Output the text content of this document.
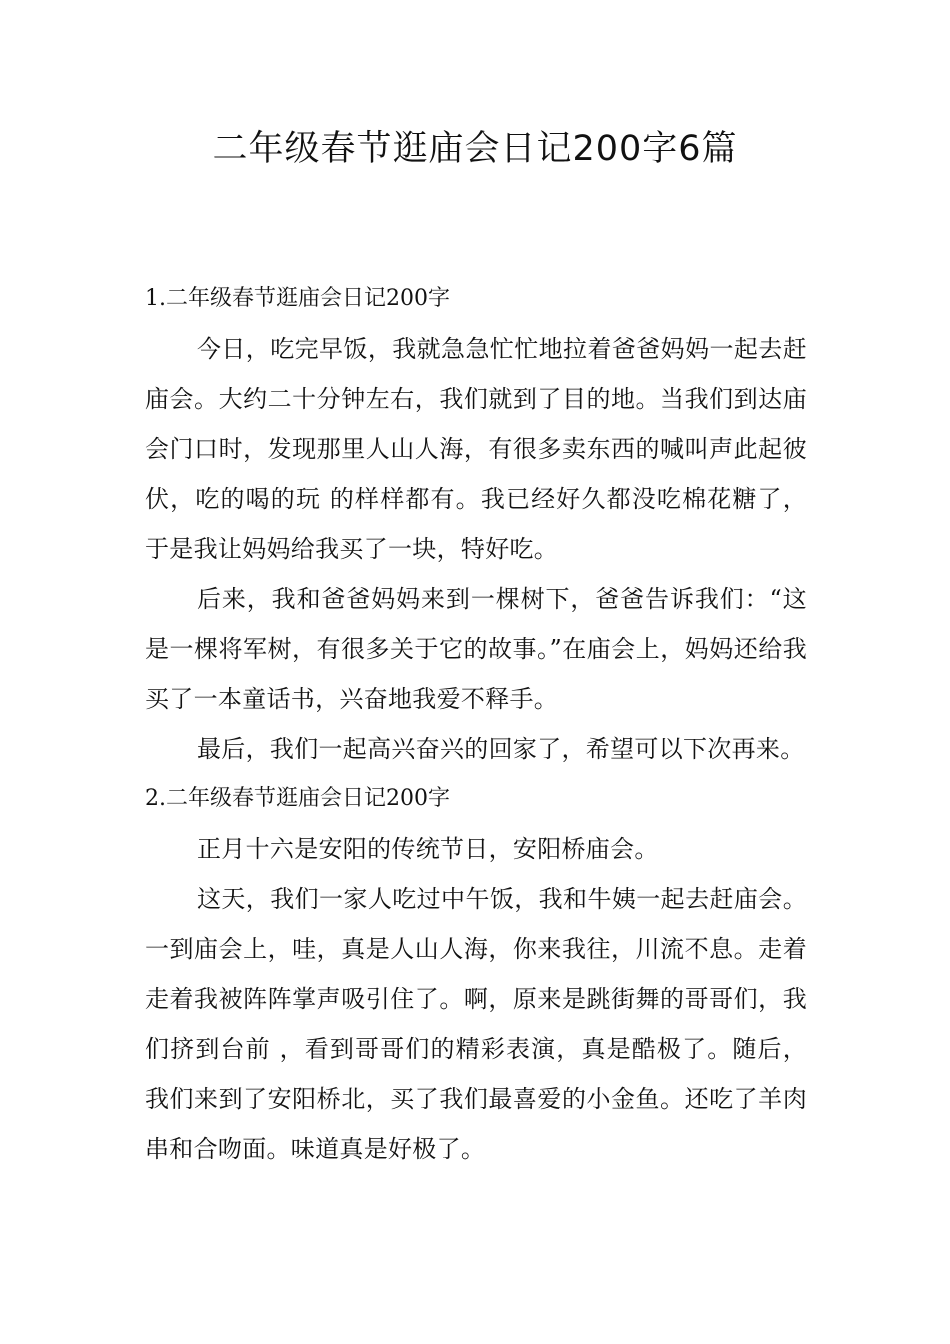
二年级春节逛庙会日记200字6篇
1.二年级春节逛庙会日记200字

今日，吃完早饭，我就急急忙忙地拉着爸爸妈妈一起去赶庙会。大约二十分钟左右，我们就到了目的地。当我们到达庙会门口时，发现那里人山人海，有很多卖东西的喊叫声此起彼伏，吃的喝的玩 的样样都有。我已经好久都没吃棉花糖了，于是我让妈妈给我买了一块，特好吃。

后来，我和爸爸妈妈来到一棵树下，爸爸告诉我们：“这是一棵将军树，有很多关于它的故事。”在庙会上，妈妈还给我买了一本童话书，兴奋地我爱不释手。

最后，我们一起高兴奋兴的回家了，希望可以下次再来。

2.二年级春节逛庙会日记200字

正月十六是安阳的传统节日，安阳桥庙会。

这天，我们一家人吃过中午饭，我和牛姨一起去赶庙会。一到庙会上，哇，真是人山人海，你来我往，川流不息。走着走着我被阵阵掌声吸引住了。啊，原来是跳街舞的哥哥们，我们挤到台前 ，看到哥哥们的精彩表演，真是酷极了。随后，我们来到了安阳桥北，买了我们最喜爱的小金鱼。还吃了羊肉串和合吻面。味道真是好极了。
